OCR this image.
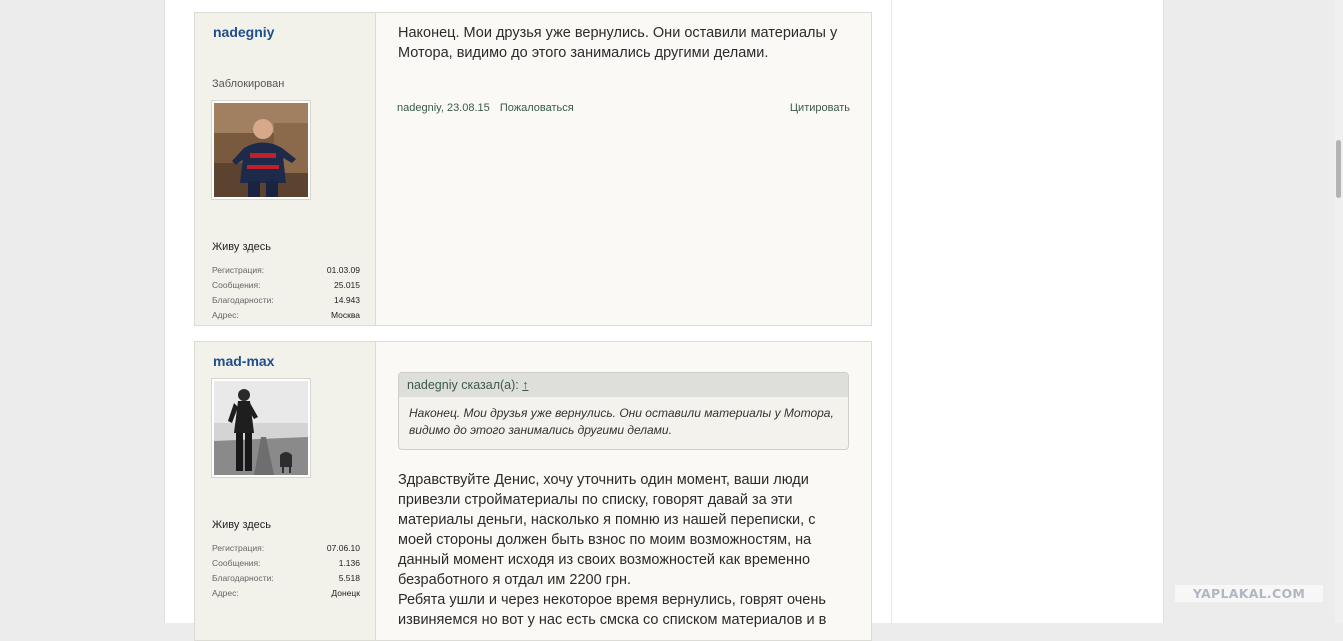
nadegniy
Заблокирован
Живу здесь
Регистрация:	01.03.09
Сообщения:	25.015
Благодарности:	14.943
Адрес:	Москва
Наконец. Мои друзья уже вернулись. Они оставили материалы у Мотора, видимо до этого занимались другими делами.
nadegniy, 23.08.15 Пожаловаться	Цитировать
mad-max
Живу здесь
Регистрация:	07.06.10
Сообщения:	1.136
Благодарности:	5.518
Адрес:	Донецк
nadegniy сказал(а): ↑
Наконец. Мои друзья уже вернулись. Они оставили материалы у Мотора, видимо до этого занимались другими делами.

Здравствуйте Денис, хочу уточнить один момент, ваши люди привезли стройматериалы по списку, говорят давай за эти материалы деньги, насколько я помню из нашей переписки, с моей стороны должен быть взнос по моим возможностям, на данный момент исходя из своих возможностей как временно безработного я отдал им 2200 грн.

Ребята ушли и через некоторое время вернулись, говрят очень извиняемся но вот у нас есть смска со списком материалов и в

YAPLAKAL.COM
